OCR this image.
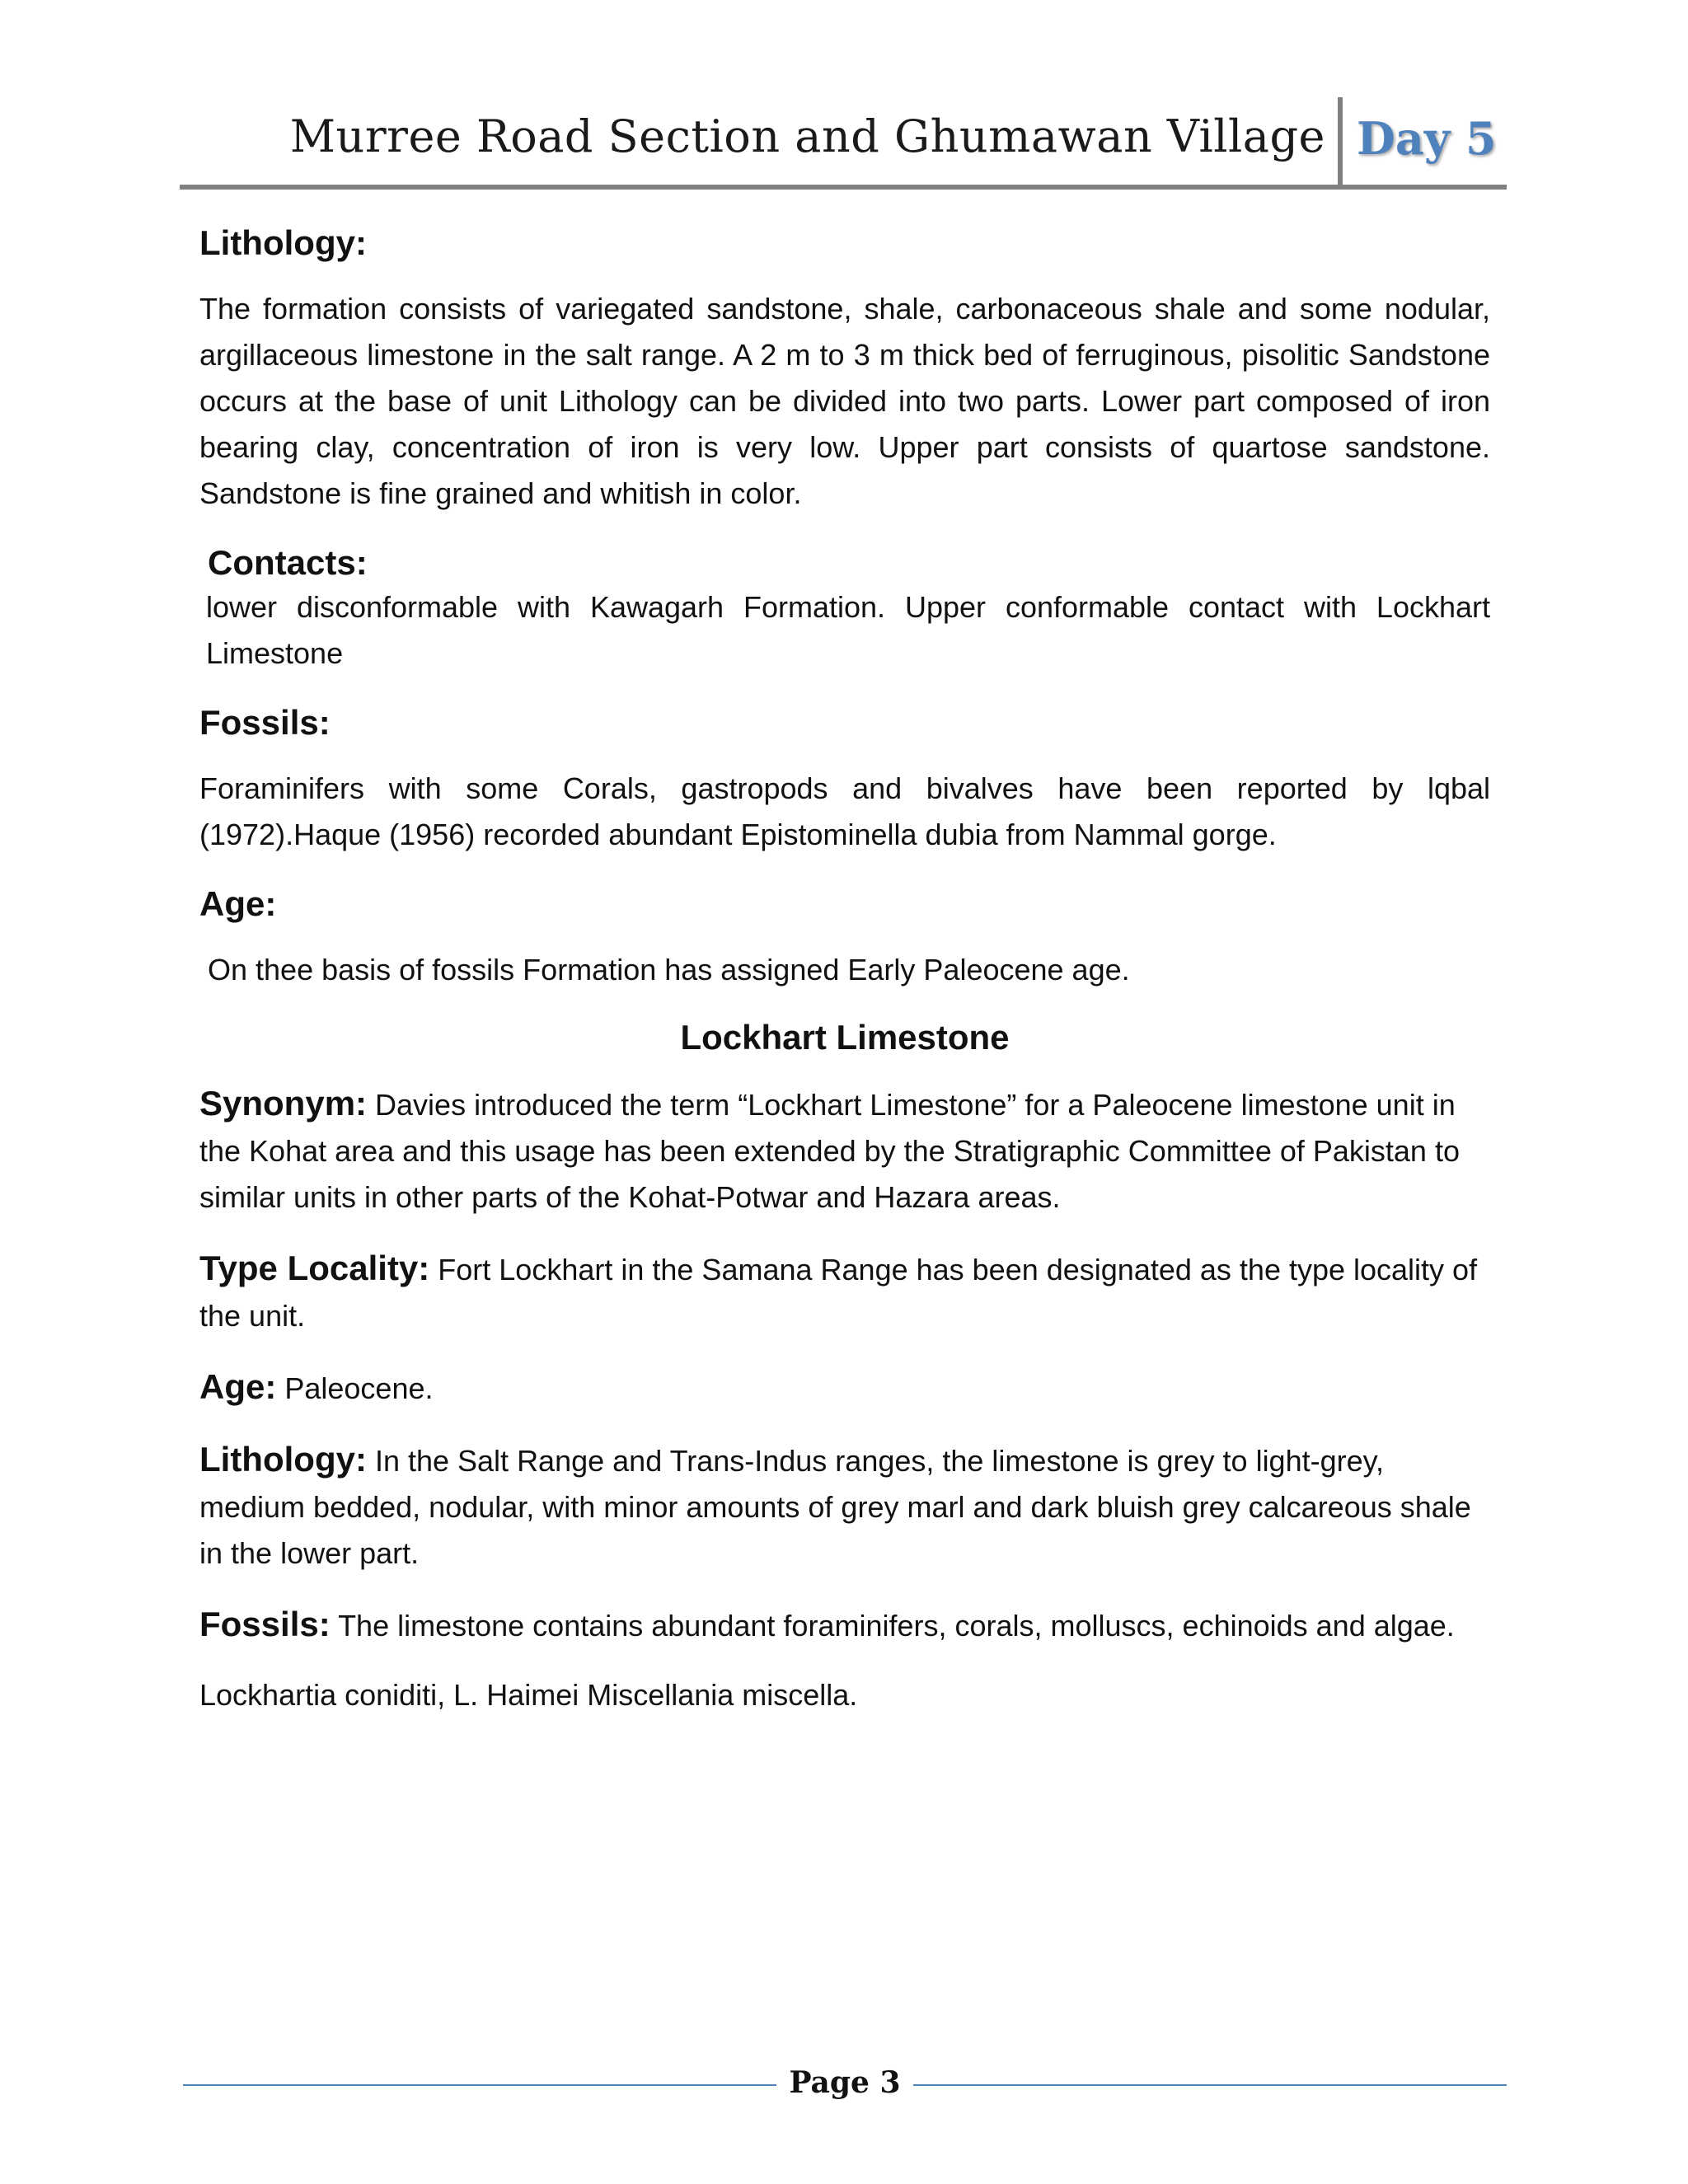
Murree Road Section and Ghumawan Village Day 5

Lithology:

The formation consists of variegated sandstone, shale, carbonaceous shale and some nodular, argillaceous limestone in the salt range. A 2 m to 3 m thick bed of ferruginous, pisolitic Sandstone occurs at the base of unit Lithology can be divided into two parts. Lower part composed of iron bearing clay, concentration of iron is very low. Upper part consists of quartose sandstone. Sandstone is fine grained and whitish in color.

Contacts:

lower disconformable with Kawagarh Formation. Upper conformable contact with Lockhart Limestone

Fossils:

Foraminifers with some Corals, gastropods and bivalves have been reported by lqbal (1972).Haque (1956) recorded abundant Epistominella dubia from Nammal gorge.

Age:

On thee basis of fossils Formation has assigned Early Paleocene age.

Lockhart Limestone

Synonym: Davies introduced the term “Lockhart Limestone” for a Paleocene limestone unit in the Kohat area and this usage has been extended by the Stratigraphic Committee of Pakistan to similar units in other parts of the Kohat-Potwar and Hazara areas.

Type Locality: Fort Lockhart in the Samana Range has been designated as the type locality of the unit.

Age: Paleocene.

Lithology: In the Salt Range and Trans-Indus ranges, the limestone is grey to light-grey, medium bedded, nodular, with minor amounts of grey marl and dark bluish grey calcareous shale in the lower part.

Fossils: The limestone contains abundant foraminifers, corals, molluscs, echinoids and algae.

Lockhartia coniditi, L. Haimei Miscellania miscella.

Page 3
